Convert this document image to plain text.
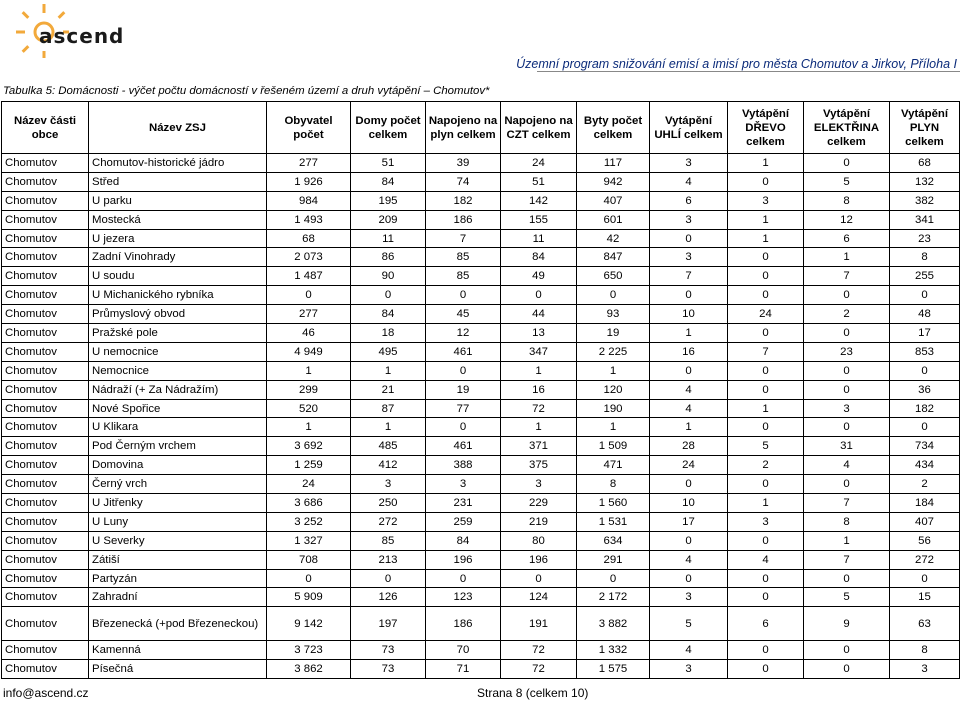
ascend
Územní program snižování emisí a imisí pro města Chomutov a Jirkov, Příloha I
Tabulka 5: Domácnosti - výčet počtu domácností v řešeném území a druh vytápění – Chomutov*
Název části obce	Název ZSJ	Obyvatel počet	Domy počet celkem	Napojeno na plyn celkem	Napojeno na CZT celkem	Byty počet celkem	Vytápění UHLÍ celkem	Vytápění DŘEVO celkem	Vytápění ELEKTŘINA celkem	Vytápění PLYN celkem
Chomutov	Chomutov-historické jádro	277	51	39	24	117	3	1	0	68
Chomutov	Střed	1 926	84	74	51	942	4	0	5	132
Chomutov	U parku	984	195	182	142	407	6	3	8	382
Chomutov	Mostecká	1 493	209	186	155	601	3	1	12	341
Chomutov	U jezera	68	11	7	11	42	0	1	6	23
Chomutov	Zadní Vinohrady	2 073	86	85	84	847	3	0	1	8
Chomutov	U soudu	1 487	90	85	49	650	7	0	7	255
Chomutov	U Michanického rybníka	0	0	0	0	0	0	0	0	0
Chomutov	Průmyslový obvod	277	84	45	44	93	10	24	2	48
Chomutov	Pražské pole	46	18	12	13	19	1	0	0	17
Chomutov	U nemocnice	4 949	495	461	347	2 225	16	7	23	853
Chomutov	Nemocnice	1	1	0	1	1	0	0	0	0
Chomutov	Nádraží (+ Za Nádražím)	299	21	19	16	120	4	0	0	36
Chomutov	Nové Spořice	520	87	77	72	190	4	1	3	182
Chomutov	U Klikara	1	1	0	1	1	1	0	0	0
Chomutov	Pod Černým vrchem	3 692	485	461	371	1 509	28	5	31	734
Chomutov	Domovina	1 259	412	388	375	471	24	2	4	434
Chomutov	Černý vrch	24	3	3	3	8	0	0	0	2
Chomutov	U Jitřenky	3 686	250	231	229	1 560	10	1	7	184
Chomutov	U Luny	3 252	272	259	219	1 531	17	3	8	407
Chomutov	U Severky	1 327	85	84	80	634	0	0	1	56
Chomutov	Zátiší	708	213	196	196	291	4	4	7	272
Chomutov	Partyzán	0	0	0	0	0	0	0	0	0
Chomutov	Zahradní	5 909	126	123	124	2 172	3	0	5	15
Chomutov	Březenecká (+pod Březeneckou)	9 142	197	186	191	3 882	5	6	9	63
Chomutov	Kamenná	3 723	73	70	72	1 332	4	0	0	8
Chomutov	Písečná	3 862	73	71	72	1 575	3	0	0	3
info@ascend.cz	Strana 8 (celkem 10)
